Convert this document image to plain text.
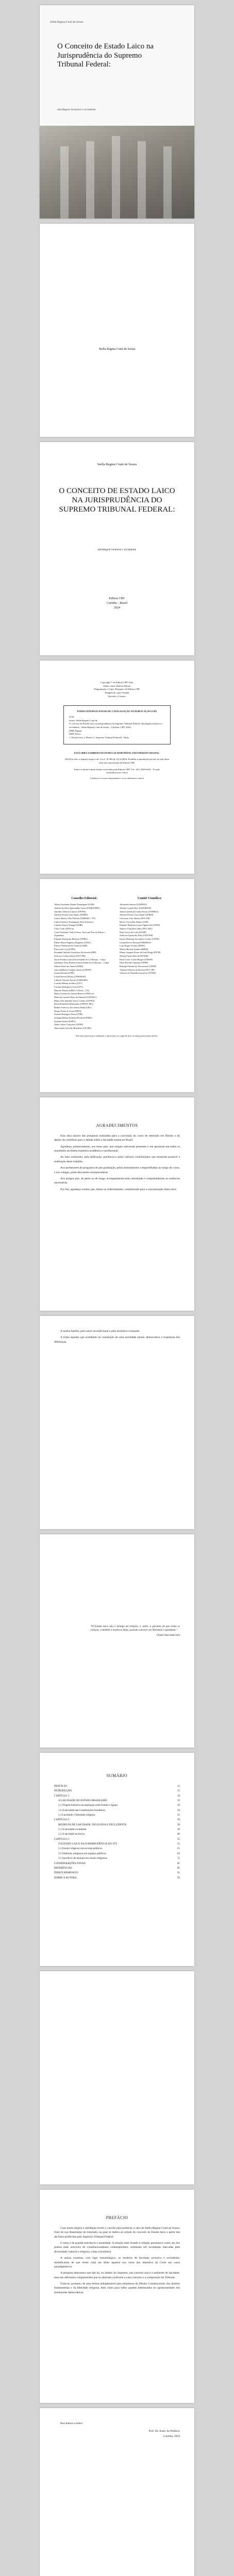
Stella Regina Conti de Souza
O Conceito de Estado Laico na Jurisprudência do Supremo Tribunal Federal:
abordagem inclusiva e excludente
Stella Regina Conti de Souza
Stella Regina Conti de Souza
O CONCEITO DE ESTADO LAICO NA JURISPRUDÊNCIA DO SUPREMO TRIBUNAL FEDERAL:
abordagem inclusiva e excludente
Editora CRV
Curitiba – Brasil
2024
Copyright © da Editora CRV Ltda.
Editor-chefe: Railson Moura
Diagramação e Capa: Designers da Editora CRV
Imagem de capa: Freepik
Revisão: A Autora
DADOS INTERNACIONAIS DE CATALOGAÇÃO NA PUBLICAÇÃO (CIP)
S729
Souza, Stella Regina Conti de
O conceito de Estado laico na jurisprudência do Supremo Tribunal Federal: abordagem inclusiva e excludente / Stella Regina Conti de Souza – Curitiba: CRV, 2024.
ISBN Digital
ISBN Físico
1. Estado laico 2. Direito 3. Supremo Tribunal Federal I. Título
ESTA OBRA TAMBÉM ENCONTRA-SE DISPONÍVEL EM FORMATO DIGITAL.
2024 Foi feito o depósito legal conf. Lei nº 10.994 de 14/12/2004. Proibida a reprodução parcial ou total desta obra sem autorização da Editora CRV.
Todos os direitos desta edição reservados pela Editora CRV. Tel.: (41) 3029-6416 – E-mail: sac@editoracrv.com.br
Conheça os nossos lançamentos: www.editoracrv.com.br
Conselho Editorial:
Aldira Guimarães Duarte Domínguez (UNB)
Andréia da Silva Quintanilha Sousa (UNIR/UFRN)
Anselmo Alencar Colares (UFOPA)
Antônio Pereira Gaio Júnior (UFRRJ)
Carlos Alberto Vilar Estêvão (UMINHO – PT)
Carlos Federico Dominguez Avila (Unieuro)
Carmen Tereza Velanga (UNIR)
Celso Conti (UFSCar)
Cesar Gerónimo Tello (Univer. Nacional Três de Febrero – Argentina)
Eduardo Fernandes Barbosa (UFMG)
Elione Maria Nogueira Diogenes (UFAL)
Elizeu Clementino de Souza (UNEB)
Élsio José Corá (UFFS)
Fernando Antônio Gonçalves Alcoforado (IPB)
Francisco Carlos Duarte (PUC-PR)
Gloria Fariñas León (Universidade de La Havana – Cuba)
Guillermo Arias Beatón (Universidade de La Havana – Cuba)
Jailson Alves dos Santos (UFRJ)
João Adalberto Campato Junior (UNESP)
Josania Portela (UFPI)
Leonel Severo Rocha (UNISINOS)
Lídia de Oliveira Xavier (UNIEURO)
Lourdes Helena da Silva (UFV)
Luciano Rodrigues Costa (UFV)
Marcelo Paixão (UFRJ e UTexas – US)
Maria Cristina dos Santos Bezerra (UFSCar)
Maria de Lourdes Pinto de Almeida (UNOESC)
Maria Lília Imbiriba Sousa Colares (UFOPA)
Paulo Romualdo Hernandes (UNIFAL-MG)
Renato Francisco dos Santos Paula (UFG)
Sergio Nunes de Jesus (IFRO)
Simone Rodrigues Pinto (UNB)
Solange Helena Ximenes-Rocha (UFOPA)
Sydione Santos (UEPG)
Tadeu Oliver Gonçalves (UFPA)
Tania Suely Azevedo Brasileiro (UFOPA)
Comitê Científico:
Alexandre Sanson (UNIFIEO)
Alfredo Copetti Neto (UNIOESTE)
Anna Candida da Cunha Ferraz (UNIFIEO)
Antônio Pereira Gaio Júnior (UFRRJ)
Cleverson Leite Bastos (PUC-PR)
Dirceo Torrecillas Ramos (USP)
Eduardo Henrique Lopes Figueiredo (UENP)
Gláucio Gonçalves Sales (PUC-MG)
Ilton Garcia da Costa (UENP)
Jefferson Aparecido Dias (UNIVEM)
Kassio Henrique dos Santos Gomes (UENP)
Leonel Severo Rocha (UNISINOS)
Luiz Sérgio Arcanjo (IFMA)
Márcio Ricardo Staffen (IMED)
Mauro Augusto Ponce de Leão Braga (UFOP)
Nelson Finotti Silva (UNIVEM)
Paulo Cesar Corrêa Borges (UNESP)
Paulo Ricardo Opuszka (UFPR)
Rodrigo Fabiano do Nascimento (UENP)
Vladmir Oliveira da Silveira (PUC-SP)
Vinícius de Almeida Gonçalves (UFAM)
Este livro passou por avaliação e aprovação às cegas de dois ou mais pareceristas ad hoc.
AGRADECIMENTOS
Esta obra nasceu das pesquisas realizadas para a conclusão do curso de mestrado em Direito e do desejo de contribuir para o debate sobre a laicidade estatal no Brasil.
Agradeço, primeiramente, aos meus pais, que sempre estiveram presentes e me apoiaram em todos os momentos da minha trajetória acadêmica e profissional.
Ao meu orientador, pela dedicação, paciência e pelas valiosas contribuições que tornaram possível a realização deste trabalho.
Aos professores do programa de pós-graduação, pelos ensinamentos compartilhados ao longo do curso, e aos colegas, pelas discussões enriquecedoras.
Aos amigos que, de perto ou de longe, acompanharam esta caminhada e compreenderam as ausências necessárias.
Por fim, agradeço a todos que, direta ou indiretamente, contribuíram para a concretização desta obra.
A minha família, pelo amor incondicional e pelo incentivo constante.
A todos aqueles que acreditam na construção de uma sociedade plural, democrática e respeitosa das diferenças.
“O Estado laico não é inimigo da religião; é, antes, a garantia de que todas as crenças, e também a ausência delas, possam conviver em liberdade e igualdade.”
(Autor desconhecido)
SUMÁRIO
PREFÁCIO	11
INTRODUÇÃO	15
CAPÍTULO 1	19
A LAICIDADE DO ESTADO BRASILEIRO	19
1.1 Origem histórica da separação entre Estado e Igreja	19
1.2 A laicidade nas Constituições brasileiras	24
1.3 Laicidade e liberdade religiosa	31
CAPÍTULO 2	39
MODELOS DE LAICIDADE: INCLUSIVA E EXCLUDENTE	39
2.1 A laicidade excludente	39
2.2 A laicidade inclusiva	46
CAPÍTULO 3	55
O ESTADO LAICO NA JURISPRUDÊNCIA DO STF	55
3.1 Ensino religioso nas escolas públicas	55
3.2 Símbolos religiosos em espaços públicos	63
3.3 Sacrifício de animais em rituais religiosos	71
CONSIDERAÇÕES FINAIS	81
REFERÊNCIAS	85
ÍNDICE REMISSIVO	91
SOBRE A AUTORA	93
PREFÁCIO
Com muita alegria e satisfação recebi o convite para prefaciar a obra de Stella Regina Conti de Souza, fruto de sua dissertação de mestrado, na qual se dedica ao estudo do conceito de Estado laico a partir das decisões proferidas pelo Supremo Tribunal Federal.
O tema é de grande relevância e atualidade. A relação entre Estado e religião permanece como um dos pontos mais sensíveis do constitucionalismo contemporâneo, sobretudo em sociedades marcadas pela diversidade cultural e religiosa, como a brasileira.
A autora examina, com rigor metodológico, os modelos de laicidade inclusiva e excludente, identificando de que modo cada um deles aparece nos votos dos ministros da Corte em casos paradigmáticos.
A pesquisa demonstra que não há, no âmbito do Supremo, um conceito único e uniforme de laicidade, mas sim diferentes compreensões que se alternam conforme o caso concreto e a composição do Tribunal.
Trata-se, portanto, de uma leitura indispensável para estudiosos do Direito Constitucional, dos direitos fundamentais e da liberdade religiosa, bem como para todos aqueles interessados no aprimoramento das instituições democráticas.
Boa leitura a todos!
Prof. Dr. Autor do Prefácio
Curitiba, 2024
